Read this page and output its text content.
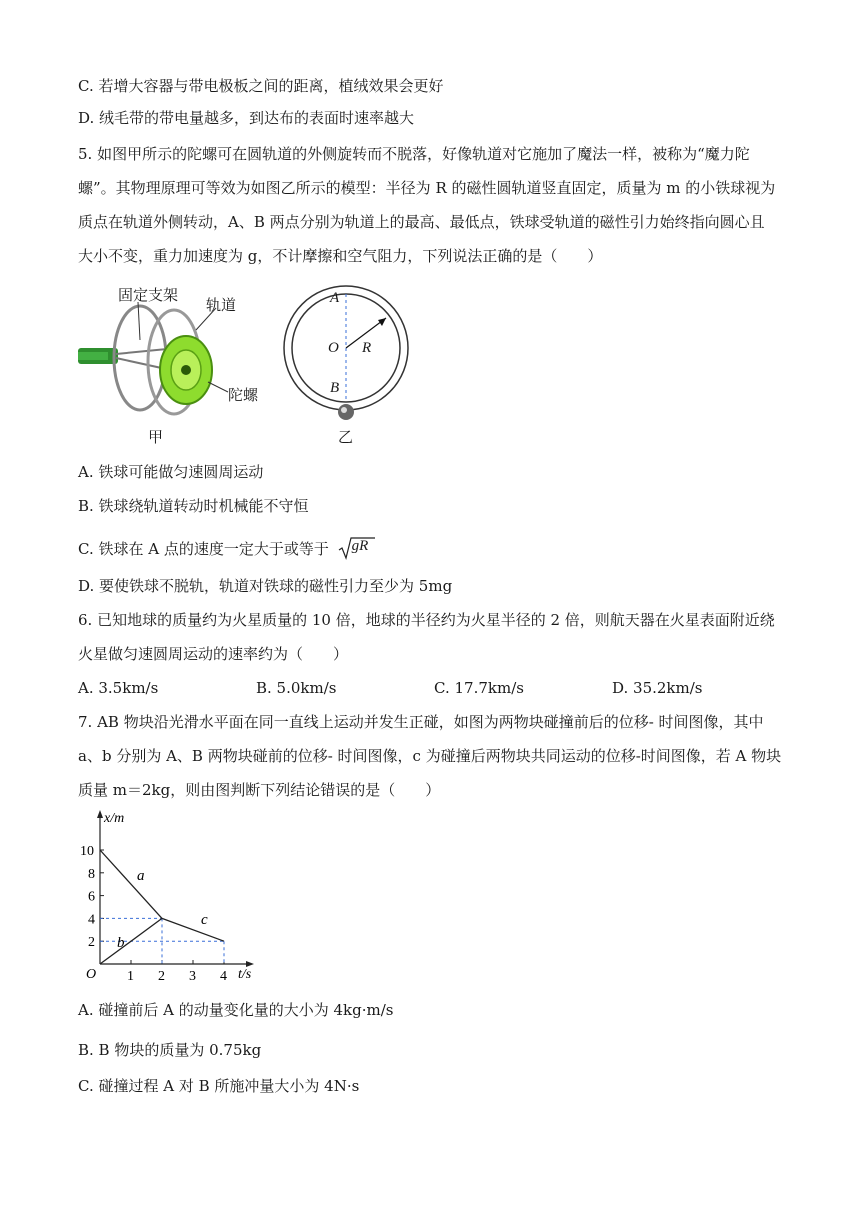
C. 若增大容器与带电极板之间的距离，植绒效果会更好
D. 绒毛带的带电量越多，到达布的表面时速率越大
5. 如图甲所示的陀螺可在圆轨道的外侧旋转而不脱落，好像轨道对它施加了魔法一样，被称为“魔力陀
螺”。其物理原理可等效为如图乙所示的模型：半径为 R 的磁性圆轨道竖直固定，质量为 m 的小铁球视为
质点在轨道外侧转动，A、B 两点分别为轨道上的最高、最低点，铁球受轨道的磁性引力始终指向圆心且
大小不变，重力加速度为 g，不计摩擦和空气阻力，下列说法正确的是（　　）
固定支架
轨道
陀螺
甲
A
O R
B
乙
A. 铁球可能做匀速圆周运动
B. 铁球绕轨道转动时机械能不守恒
C. 铁球在 A 点的速度一定大于或等于 gR
D. 要使铁球不脱轨，轨道对铁球的磁性引力至少为 5mg
6. 已知地球的质量约为火星质量的 10 倍，地球的半径约为火星半径的 2 倍，则航天器在火星表面附近绕
火星做匀速圆周运动的速率约为（　　）
A. 3.5km/s	B. 5.0km/s	C. 17.7km/s	D. 35.2km/s
7. AB 物块沿光滑水平面在同一直线上运动并发生正碰，如图为两物块碰撞前后的位移- 时间图像，其中
a、b 分别为 A、B 两物块碰前的位移- 时间图像，c 为碰撞后两物块共同运动的位移-时间图像，若 A 物块
质量 m＝2kg，则由图判断下列结论错误的是（　　）
x/m
t/s
O 1 2 3 4
2
4
6
8
10
a
b
c
A. 碰撞前后 A 的动量变化量的大小为 4kg·m/s
B. B 物块的质量为 0.75kg
C. 碰撞过程 A 对 B 所施冲量大小为 4N·s
